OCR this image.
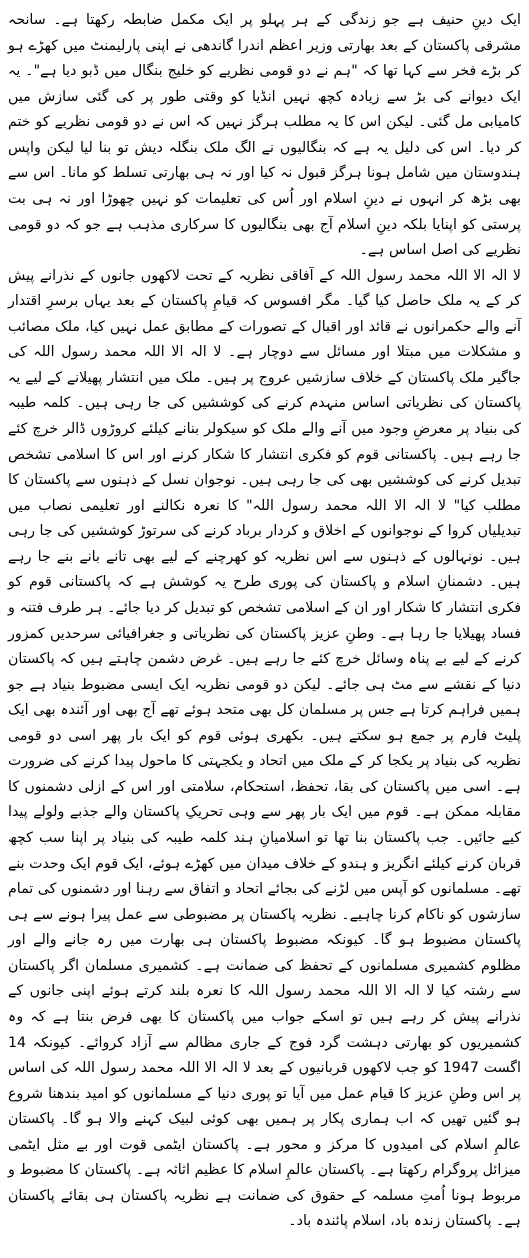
ایک دینِ حنیف ہے جو زندگی کے ہر پہلو پر ایک مکمل ضابطہ رکھتا ہے۔ سانحہ مشرقی پاکستان کے بعد بھارتی وزیر اعظم اندرا گاندھی نے اپنی پارلیمنٹ میں کھڑے ہو کر بڑے فخر سے کہا تھا کہ "ہم نے دو قومی نظریے کو خلیج بنگال میں ڈبو دیا ہے"۔ یہ ایک دیوانے کی بڑ سے زیادہ کچھ نہیں انڈیا کو وقتی طور پر کی گئی سازش میں کامیابی مل گئی۔ لیکن اس کا یہ مطلب ہرگز نہیں کہ اس نے دو قومی نظریے کو ختم کر دیا۔ اس کی دلیل یہ ہے کہ بنگالیوں نے الگ ملک بنگلہ دیش تو بنا لیا لیکن واپس ہندوستان میں شامل ہونا ہرگز قبول نہ کیا اور نہ ہی بھارتی تسلط کو مانا۔ اس سے بھی بڑھ کر انہوں نے دینِ اسلام اور اُس کی تعلیمات کو نہیں چھوڑا اور نہ ہی بت پرستی کو اپنایا بلکہ دینِ اسلام آج بھی بنگالیوں کا سرکاری مذہب ہے جو کہ دو قومی نظریے کی اصل اساس ہے۔

لا الہ الا اللہ محمد رسول اللہ کے آفاقی نظریہ کے تحت لاکھوں جانوں کے نذرانے پیش کر کے یہ ملک حاصل کیا گیا۔ مگر افسوس کہ قیامِ پاکستان کے بعد یہاں برسرِ اقتدار آنے والے حکمرانوں نے قائد اور اقبال کے تصورات کے مطابق عمل نہیں کیا، ملک مصائب و مشکلات میں مبتلا اور مسائل سے دوچار ہے۔ لا الہ الا اللہ محمد رسول اللہ کی جاگیر ملک پاکستان کے خلاف سازشیں عروج پر ہیں۔ ملک میں انتشار پھیلانے کے لیے یہ پاکستان کی نظریاتی اساس منہدم کرنے کی کوششیں کی جا رہی ہیں۔ کلمہ طیبہ کی بنیاد پر معرضِ وجود میں آنے والے ملک کو سیکولر بنانے کیلئے کروڑوں ڈالر خرچ کئے جا رہے ہیں۔ پاکستانی قوم کو فکری انتشار کا شکار کرنے اور اس کا اسلامی تشخص تبدیل کرنے کی کوششیں بھی کی جا رہی ہیں۔ نوجوان نسل کے ذہنوں سے پاکستان کا مطلب کیا" لا الہ الا اللہ محمد رسول اللہ" کا نعرہ نکالنے اور تعلیمی نصاب میں تبدیلیاں کروا کے نوجوانوں کے اخلاق و کردار برباد کرنے کی سرتوڑ کوششیں کی جا رہی ہیں۔ نونہالوں کے ذہنوں سے اس نظریہ کو کھرچنے کے لیے بھی تانے بانے بنے جا رہے ہیں۔ دشمنانِ اسلام و پاکستان کی پوری طرح یہ کوشش ہے کہ پاکستانی قوم کو فکری انتشار کا شکار اور ان کے اسلامی تشخص کو تبدیل کر دیا جائے۔ ہر طرف فتنہ و فساد پھیلایا جا رہا ہے۔ وطنِ عزیز پاکستان کی نظریاتی و جغرافیائی سرحدیں کمزور کرنے کے لیے بے پناہ وسائل خرچ کئے جا رہے ہیں۔ غرض دشمن چاہتے ہیں کہ پاکستان دنیا کے نقشے سے مٹ ہی جائے۔ لیکن دو قومی نظریہ ایک ایسی مضبوط بنیاد ہے جو ہمیں فراہم کرتا ہے جس پر مسلمان کل بھی متحد ہوئے تھے آج بھی اور آئندہ بھی ایک پلیٹ فارم پر جمع ہو سکتے ہیں۔ بکھری ہوئی قوم کو ایک بار پھر اسی دو قومی نظریہ کی بنیاد پر یکجا کر کے ملک میں اتحاد و یکجہتی کا ماحول پیدا کرنے کی ضرورت ہے۔ اسی میں پاکستان کی بقا، تحفظ، استحکام، سلامتی اور اس کے ازلی دشمنوں کا مقابلہ ممکن ہے۔ قوم میں ایک بار پھر سے وہی تحریکِ پاکستان والے جذبے ولولے پیدا کیے جائیں۔ جب پاکستان بنا تھا تو اسلامیانِ ہند کلمہ طیبہ کی بنیاد پر اپنا سب کچھ قربان کرنے کیلئے انگریز و ہندو کے خلاف میدان میں کھڑے ہوئے، ایک قوم ایک وحدت بنے تھے۔ مسلمانوں کو آپس میں لڑنے کی بجائے اتحاد و اتفاق سے رہنا اور دشمنوں کی تمام سازشوں کو ناکام کرنا چاہیے۔ نظریہ پاکستان پر مضبوطی سے عمل پیرا ہونے سے ہی پاکستان مضبوط ہو گا۔ کیونکہ مضبوط پاکستان ہی بھارت میں رہ جانے والے اور مظلوم کشمیری مسلمانوں کے تحفظ کی ضمانت ہے۔ کشمیری مسلمان اگر پاکستان سے رشتہ کیا لا الہ الا اللہ محمد رسول اللہ کا نعرہ بلند کرتے ہوئے اپنی جانوں کے نذرانے پیش کر رہے ہیں تو اسکے جواب میں پاکستان کا بھی فرض بنتا ہے کہ وہ کشمیریوں کو بھارتی دہشت گرد فوج کے جاری مظالم سے آزاد کروائے۔ کیونکہ 14 اگست 1947 کو جب لاکھوں قربانیوں کے بعد لا الہ الا اللہ محمد رسول اللہ کی اساس پر اس وطنِ عزیز کا قیام عمل میں آیا تو پوری دنیا کے مسلمانوں کو امید بندھنا شروع ہو گئیں تھیں کہ اب ہماری پکار پر ہمیں بھی کوئی لبیک کہنے والا ہو گا۔ پاکستان عالمِ اسلام کی امیدوں کا مرکز و محور ہے۔ پاکستان ایٹمی قوت اور بے مثل ایٹمی میزائل پروگرام رکھتا ہے۔ پاکستان عالمِ اسلام کا عظیم اثاثہ ہے۔ پاکستان کا مضبوط و مربوط ہونا اُمتِ مسلمہ کے حقوق کی ضمانت ہے نظریہ پاکستان ہی بقائے پاکستان ہے۔ پاکستان زندہ باد، اسلام پائندہ باد۔
